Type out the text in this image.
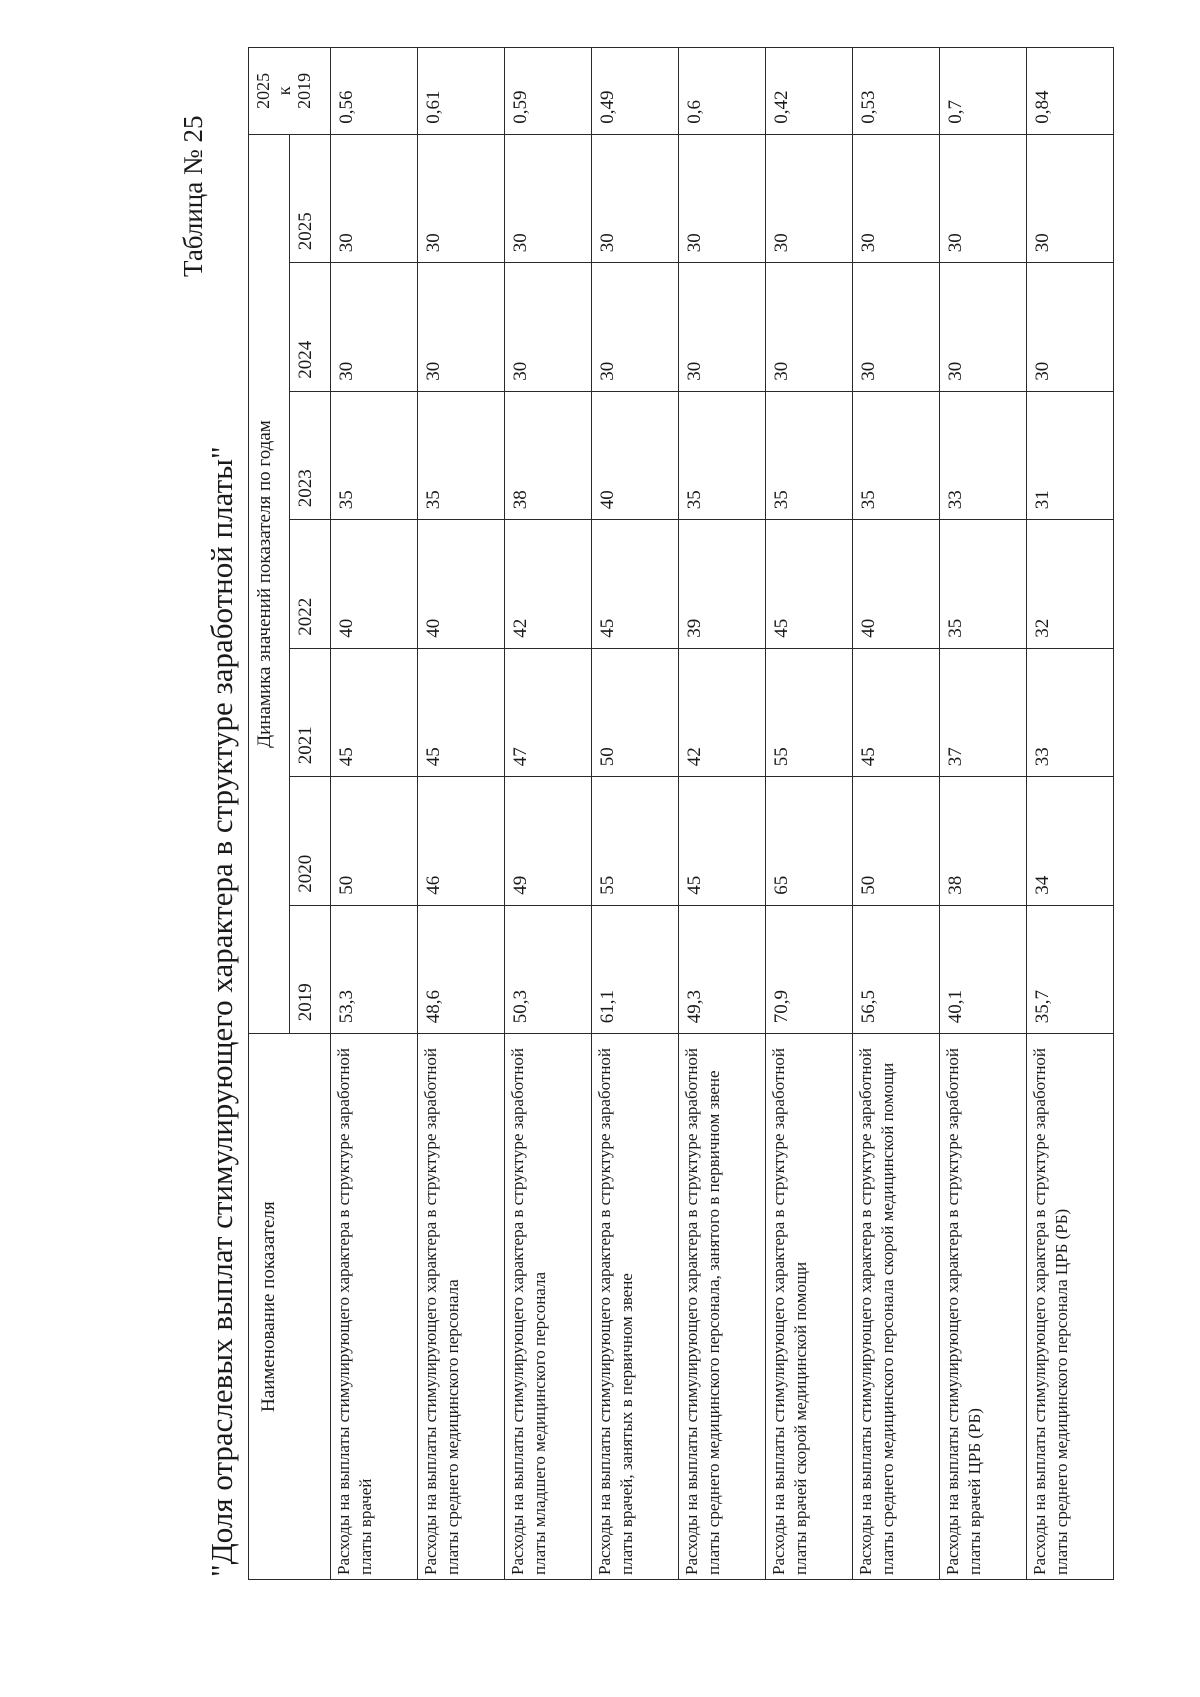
Таблица № 25
"Доля отраслевых выплат стимулирующего характера в структуре заработной платы" Наименование показателя	Динамика значений показателя по годам							2025
к
2019
	2019	2020	2021	2022	2023	2024	2025	
Расходы на выплаты стимулирующего характера в структуре заработной платы врачей	53,3	50	45	40	35	30	30	0,56
Расходы на выплаты стимулирующего характера в структуре заработной платы среднего медицинского персонала	48,6	46	45	40	35	30	30	0,61
Расходы на выплаты стимулирующего характера в структуре заработной платы младшего медицинского персонала	50,3	49	47	42	38	30	30	0,59
Расходы на выплаты стимулирующего характера в структуре заработной платы врачей, занятых в первичном звене	61,1	55	50	45	40	30	30	0,49
Расходы на выплаты стимулирующего характера в структуре заработной платы среднего медицинского персонала, занятого в первичном звене	49,3	45	42	39	35	30	30	0,6
Расходы на выплаты стимулирующего характера в структуре заработной платы врачей скорой медицинской помощи	70,9	65	55	45	35	30	30	0,42
Расходы на выплаты стимулирующего характера в структуре заработной платы среднего медицинского персонала скорой медицинской помощи	56,5	50	45	40	35	30	30	0,53
Расходы на выплаты стимулирующего характера в структуре заработной платы врачей ЦРБ (РБ)	40,1	38	37	35	33	30	30	0,7
Расходы на выплаты стимулирующего характера в структуре заработной платы среднего медицинского персонала ЦРБ (РБ)	35,7	34	33	32	31	30	30	0,84
